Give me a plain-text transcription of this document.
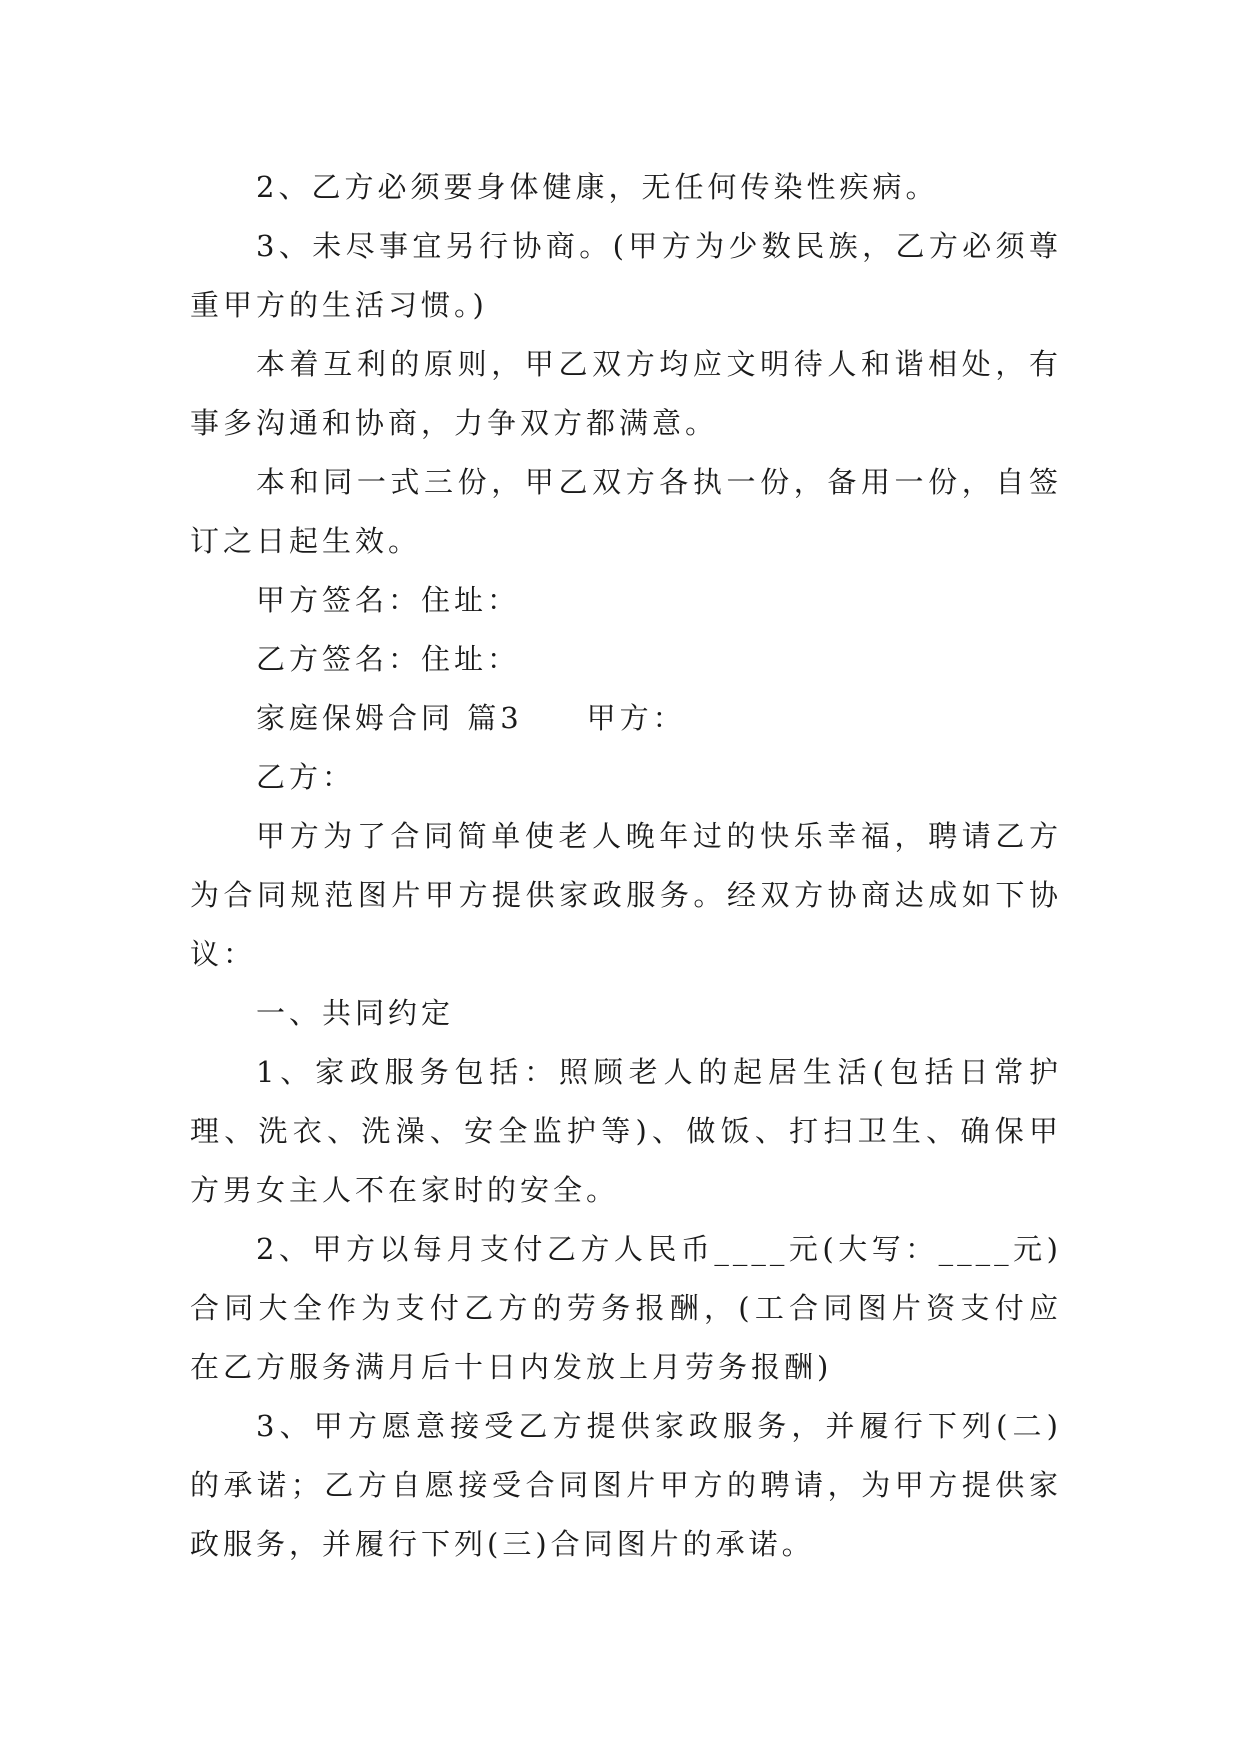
2、乙方必须要身体健康，无任何传染性疾病。

3、未尽事宜另行协商。(甲方为少数民族，乙方必须尊重甲方的生活习惯。)

本着互利的原则，甲乙双方均应文明待人和谐相处，有事多沟通和协商，力争双方都满意。

本和同一式三份，甲乙双方各执一份，备用一份，自签订之日起生效。

甲方签名：住址：

乙方签名：住址：

家庭保姆合同 篇3 甲方：

乙方：

甲方为了合同简单使老人晚年过的快乐幸福，聘请乙方为合同规范图片甲方提供家政服务。经双方协商达成如下协议：

一、共同约定

1、家政服务包括：照顾老人的起居生活(包括日常护理、洗衣、洗澡、安全监护等)、做饭、打扫卫生、确保甲方男女主人不在家时的安全。

2、甲方以每月支付乙方人民币____元(大写：____元)合同大全作为支付乙方的劳务报酬，(工合同图片资支付应在乙方服务满月后十日内发放上月劳务报酬)

3、甲方愿意接受乙方提供家政服务，并履行下列(二)的承诺；乙方自愿接受合同图片甲方的聘请，为甲方提供家政服务，并履行下列(三)合同图片的承诺。
